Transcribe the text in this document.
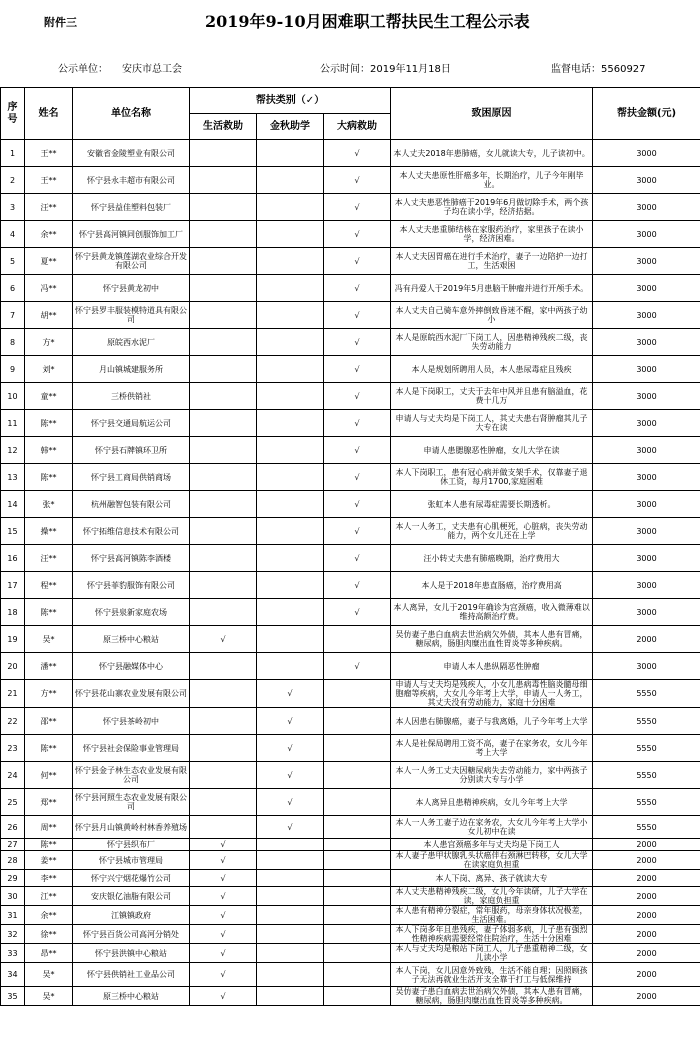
附件三	2019年9-10月困难职工帮扶民生工程公示表
公示单位： 安庆市总工会	公示时间：2019年11月18日	监督电话：5560927
序号	姓名	单位名称	帮扶类别（✓）			致困原因	帮扶金额(元)
			生活救助	金秋助学	大病救助		
1	王**	安徽省金陵塑业有限公司			√	本人丈夫2018年患肺癌，女儿就读大专，儿子读初中。	3000
2	王**	怀宁县永丰超市有限公司			√	本人丈夫患原性肝癌多年，长期治疗，儿子今年刚毕业。	3000
3	汪**	怀宁县益佳塑料包装厂			√	本人丈夫患恶性肺癌于2019年6月做切除手术，两个孩子均在读小学，经济拮据。	3000
4	余**	怀宁县高河镇同创服饰加工厂			√	本人丈夫患重肺结核在家服药治疗，家里孩子在读小学，经济困难。	3000
5	夏**	怀宁县黄龙镇莲湖农业综合开发有限公司			√	本人丈夫因胃癌在进行手术治疗，妻子一边陪护一边打工，生活艰困	3000
6	冯**	怀宁县黄龙初中			√	冯有丹爱人于2019年5月患脑干肿瘤并进行开颅手术。	3000
7	胡**	怀宁县罗丰服装模特道具有限公司			√	本人丈夫自己骑车意外摔倒致昏迷不醒，家中两孩子幼小	3000
8	方*	原皖西水泥厂			√	本人是原皖西水泥厂下岗工人，因患精神残疾二级，丧失劳动能力	3000
9	刘*	月山镇城建服务所			√	本人是规划所聘用人员，本人患尿毒症且残疾	3000
10	童**	三桥供销社			√	本人是下岗职工，丈夫于去年中风并且患有脑溢血，花费十几万	3000
11	陈**	怀宁县交通局航运公司			√	申请人与丈夫均是下岗工人，其丈夫患右肾肿瘤其儿子大专在读	3000
12	韩**	怀宁县石牌镇环卫所			√	申请人患腮腺恶性肿瘤，女儿大学在读	3000
13	陈**	怀宁县工商局供销商场			√	本人下岗职工，患有冠心病并做支架手术，仅靠妻子退休工资，每月1700,家庭困难	3000
14	张*	杭州融智包装有限公司			√	张虹本人患有尿毒症需要长期透析。	3000
15	操**	怀宁拓维信息技术有限公司			√	本人一人务工，丈夫患有心肌梗死，心脏病，丧失劳动能力，两个女儿还在上学	3000
16	汪**	怀宁县高河镇陈李酒楼			√	汪小转丈夫患有肺癌晚期，治疗费用大	3000
17	程**	怀宁县菲豹服饰有限公司			√	本人是于2018年患直肠癌，治疗费用高	3000
18	陈**	怀宁县泉新家庭农场			√	本人离异，女儿于2019年确诊为宫颈癌，收入微薄难以维持高额治疗费。	3000
19	吴*	原三桥中心粮站	√			吴仿妻子患白血病去世治病欠外债，其本人患有冒痛，糖尿病，肠胆肉糜出血性胃炎等多种疾病。	2000
20	潘**	怀宁县融媒体中心			√	申请人本人患纵隔恶性肿瘤	3000
21	方**	怀宁县花山寨农业发展有限公司		√		申请人与丈夫均是残疾人，小女儿患病毒性脑炎髓母细胞瘤等疾病，大女儿今年考上大学，申请人一人务工，其丈夫没有劳动能力，家庭十分困难	5550
22	邵**	怀宁县茶岭初中		√		本人因患右肺腺癌，妻子与我离婚，儿子今年考上大学	5550
23	陈**	怀宁县社会保险事业管理局		√		本人是社保局聘用工资不高，妻子在家务农，女儿今年考上大学	5550
24	何**	怀宁县金子林生态农业发展有限公司		√		本人一人务工丈夫因糖尿病失去劳动能力，家中两孩子分别读大专与小学	5550
25	郑**	怀宁县河照生态农业发展有限公司		√		本人离异且患精神疾病，女儿今年考上大学	5550
26	周**	怀宁县月山镇黄岭村林香养殖场		√		本人一人务工妻子边在家务农，大女儿今年考上大学小女儿初中在读	5550
27	陈**	怀宁县织布厂	√			本人患宫颈癌多年与丈夫均是下岗工人	2000
28	姜**	怀宁县城市管理局	√			本人妻子患甲状腺乳头状癌伴右颈淋巴转移，女儿大学在读家庭负担重	2000
29	李**	怀宁兴宁烟花爆竹公司	√			本人下岗、离异、孩子就读大专	2000
30	江**	安庆银亿油脂有限公司	√			本人丈夫患精神残疾二级，女儿今年读研，儿子大学在读，家庭负担重	2000
31	余**	江镇镇政府	√			本人患有精神分裂症，常年服药，母亲身体状况极差，生活困难。	2000
32	徐**	怀宁县百货公司高河分销处	√			本人下岗多年且患残疾，妻子体弱多病，儿子患有强烈性精神疾病需要经常住院治疗，生活十分困难	2000
33	昂**	怀宁县洪镇中心粮站	√			本人与丈夫均是粮站下岗工人，儿子患重精神二级，女儿读小学	2000
34	吴*	怀宁县供销社工业品公司	√			本人下岗，女儿因意外致残，生活不能自理；因照顾孩子无法再就业生活开支全靠于打工与低保维持	2000
35	吴*	原三桥中心粮站	√			吴仿妻子患白血病去世治病欠外债，其本人患有冒痛，糖尿病，肠胆肉糜出血性胃炎等多种疾病。	2000
